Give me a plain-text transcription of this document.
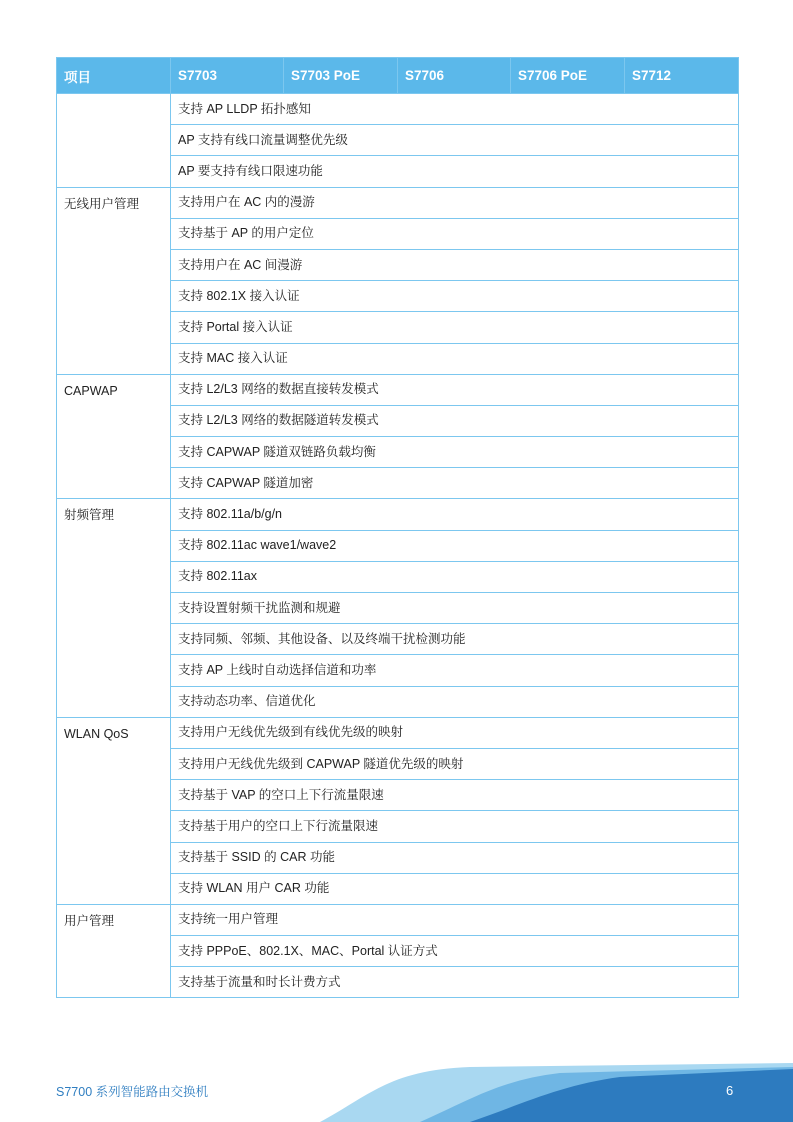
项目	S7703	S7703 PoE	S7706	S7706 PoE	S7712
	支持 AP LLDP 拓扑感知				
	AP 支持有线口流量调整优先级				
	AP 要支持有线口限速功能				
无线用户管理	支持用户在 AC 内的漫游				
	支持基于 AP 的用户定位				
	支持用户在 AC 间漫游				
	支持 802.1X 接入认证				
	支持 Portal 接入认证				
	支持 MAC 接入认证				
CAPWAP	支持 L2/L3 网络的数据直接转发模式				
	支持 L2/L3 网络的数据隧道转发模式				
	支持 CAPWAP 隧道双链路负载均衡				
	支持 CAPWAP 隧道加密				
射频管理	支持 802.11a/b/g/n				
	支持 802.11ac wave1/wave2				
	支持 802.11ax				
	支持设置射频干扰监测和规避				
	支持同频、邻频、其他设备、以及终端干扰检测功能				
	支持 AP 上线时自动选择信道和功率				
	支持动态功率、信道优化				
WLAN QoS	支持用户无线优先级到有线优先级的映射				
	支持用户无线优先级到 CAPWAP 隧道优先级的映射				
	支持基于 VAP 的空口上下行流量限速				
	支持基于用户的空口上下行流量限速				
	支持基于 SSID 的 CAR 功能				
	支持 WLAN 用户 CAR 功能				
用户管理	支持统一用户管理				
	支持 PPPoE、802.1X、MAC、Portal 认证方式				
	支持基于流量和时长计费方式				
S7700 系列智能路由交换机	6
